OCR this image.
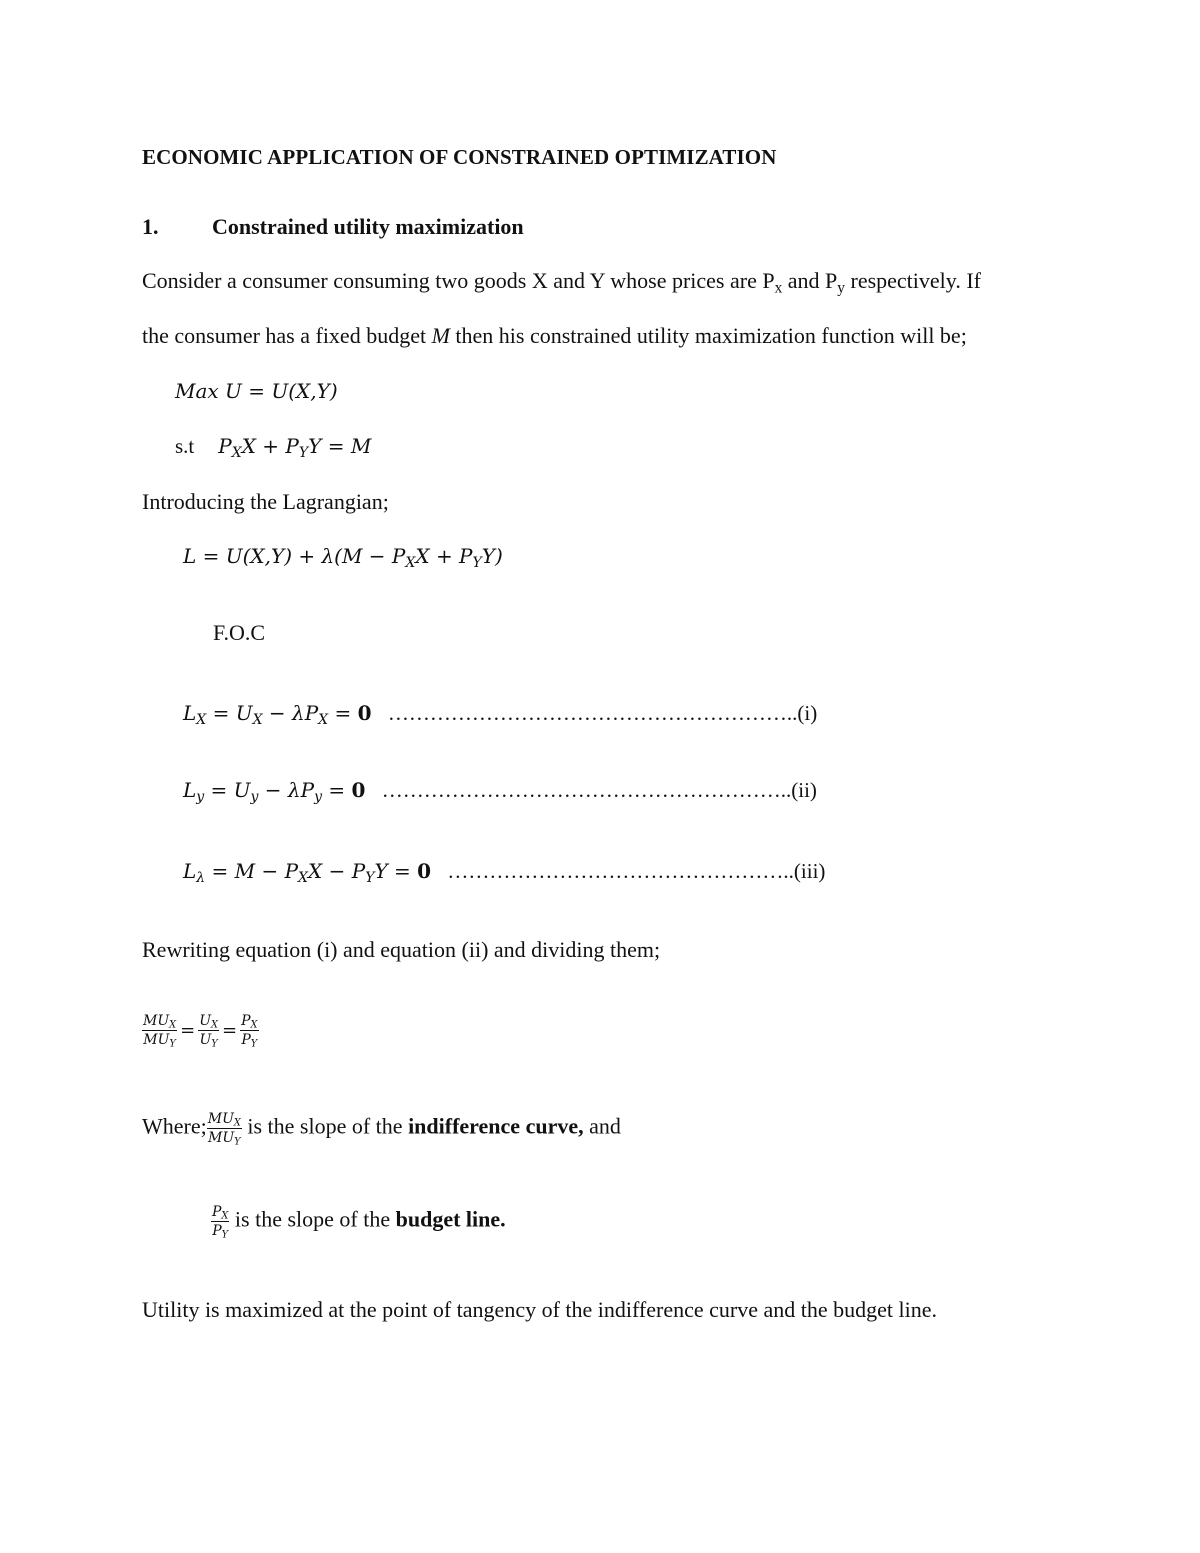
ECONOMIC APPLICATION OF CONSTRAINED OPTIMIZATION
1. Constrained utility maximization
Consider a consumer consuming two goods X and Y whose prices are $P_x$ and $P_y$ respectively. If
the consumer has a fixed budget M then his constrained utility maximization function will be;
Max U = U(X,Y)
s.t $P_XX + P_YY = M$
Introducing the Lagrangian;
$L = U(X,Y) + \lambda(M - P_XX + P_YY)$
F.O.C
$L_X = U_X - \lambda P_X = 0$ …………………………………………………..(i)
$L_y = U_y - \lambda P_y = 0$ …………………………………………………..(ii)
$L_\lambda = M - P_XX - P_YY = 0$ …………………………………………..(iii)
Rewriting equation (i) and equation (ii) and dividing them;
$\frac{MU_X}{MU_Y} = \frac{U_X}{U_Y} = \frac{P_X}{P_Y}$
Where; $\frac{MU_X}{MU_Y}$ is the slope of the indifference curve, and
$\frac{P_X}{P_Y}$ is the slope of the budget line.
Utility is maximized at the point of tangency of the indifference curve and the budget line.
